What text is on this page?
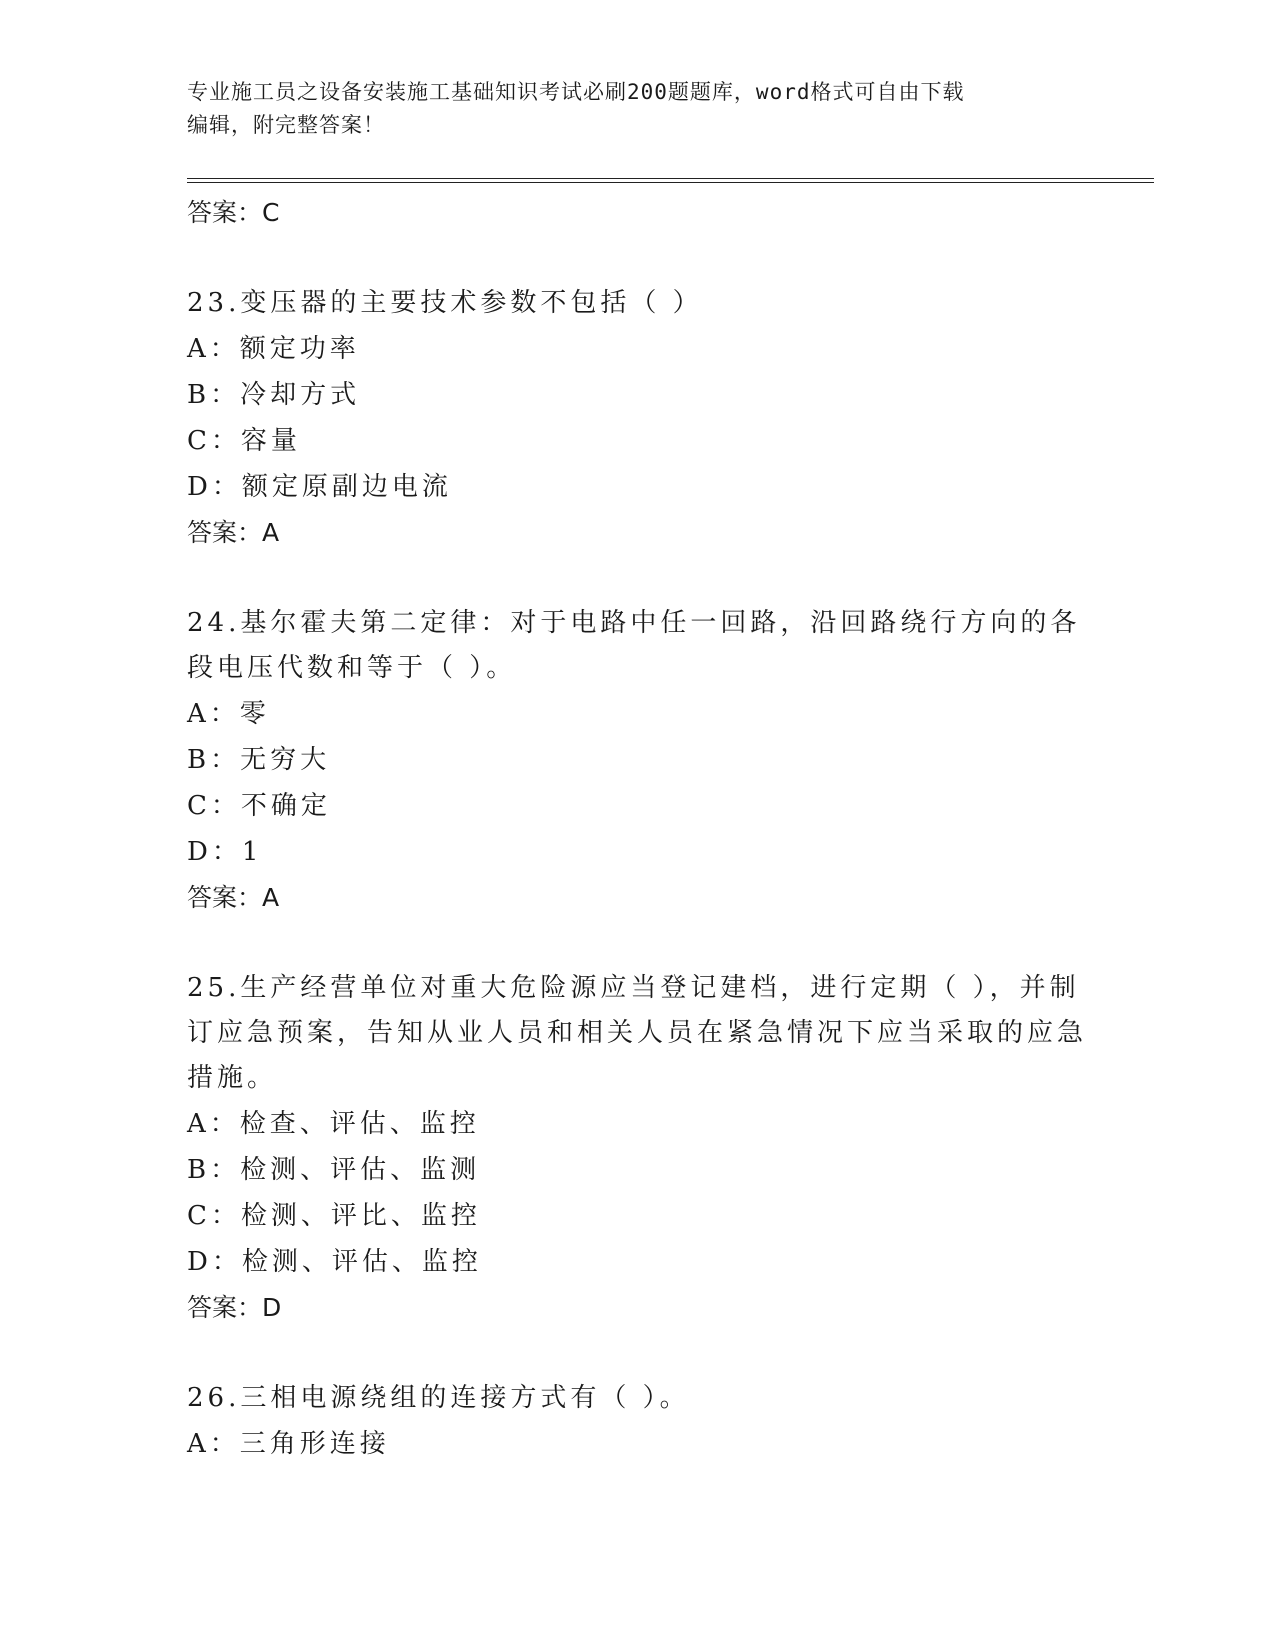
专业施工员之设备安装施工基础知识考试必刷200题题库，word格式可自由下载
编辑，附完整答案！

答案：C

23.变压器的主要技术参数不包括（ ）

A：额定功率

B：冷却方式

C：容量

D：额定原副边电流

答案：A

24.基尔霍夫第二定律：对于电路中任一回路，沿回路绕行方向的各段电压代数和等于（ ）。

A：零

B：无穷大

C：不确定

D：1

答案：A

25.生产经营单位对重大危险源应当登记建档，进行定期（ ），并制订应急预案，告知从业人员和相关人员在紧急情况下应当采取的应急措施。

A：检查、评估、监控

B：检测、评估、监测

C：检测、评比、监控

D：检测、评估、监控

答案：D

26.三相电源绕组的连接方式有（ ）。

A：三角形连接
